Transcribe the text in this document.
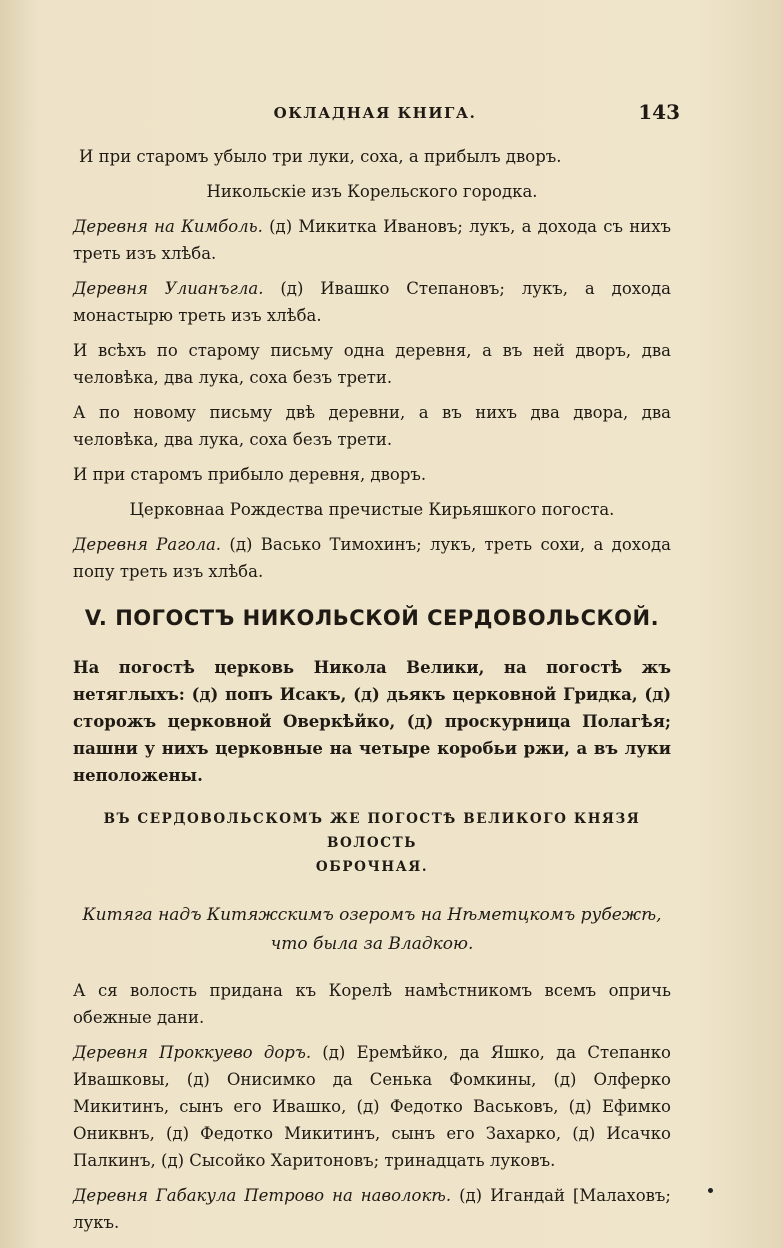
ОКЛАДНАЯ КНИГА.	143

И при старомъ убыло три луки, соха, а прибылъ дворъ.

Никольскіе изъ Корельского городка.

Деревня на Кимболь. (д) Микитка Ивановъ; лукъ, а дохода съ нихъ треть изъ хлѣба.

Деревня Улианъгла. (д) Ивашко Степановъ; лукъ, а дохода монастырю треть изъ хлѣба.

И всѣхъ по старому письму одна деревня, а въ ней дворъ, два человѣка, два лука, соха безъ трети.

А по новому письму двѣ деревни, а въ нихъ два двора, два человѣка, два лука, соха безъ трети.

И при старомъ прибыло деревня, дворъ.

Церковнаа Рождества пречистые Кирьяшкого погоста.

Деревня Рагола. (д) Васько Тимохинъ; лукъ, треть сохи, а дохода попу треть изъ хлѣба.

V. ПОГОСТЪ НИКОЛЬСКОЙ СЕРДОВОЛЬСКОЙ.

На погостѣ церковь Никола Велики, на погостѣ жъ нетяглыхъ: (д) попъ Исакъ, (д) дьякъ церковной Гридка, (д) сторожъ церковной Оверкѣйко, (д) проскурница Полагѣя; пашни у нихъ церковные на четыре коробьи ржи, а въ луки неположены.

ВЪ СЕРДОВОЛЬСКОМЪ ЖЕ ПОГОСТѢ ВЕЛИКОГО КНЯЗЯ ВОЛОСТЬ
ОБРОЧНАЯ.
Китяга надъ Китяжскимъ озеромъ на Нѣметцкомъ рубежѣ,
что была за Владкою.

А ся волость придана къ Корелѣ намѣстникомъ всемъ опричь обежные дани.

Деревня Проккуево доръ. (д) Еремѣйко, да Яшко, да Степанко Ивашковы, (д) Онисимко да Сенька Фомкины, (д) Олферко Микитинъ, сынъ его Ивашко, (д) Федотко Васьковъ, (д) Ефимко Ониквнъ, (д) Федотко Микитинъ, сынъ его Захарко, (д) Исачко Палкинъ, (д) Сысойко Харитоновъ; тринадцать луковъ.

Деревня Габакула Петрово на наволокѣ. (д) Игандай [Малаховъ; лукъ.
